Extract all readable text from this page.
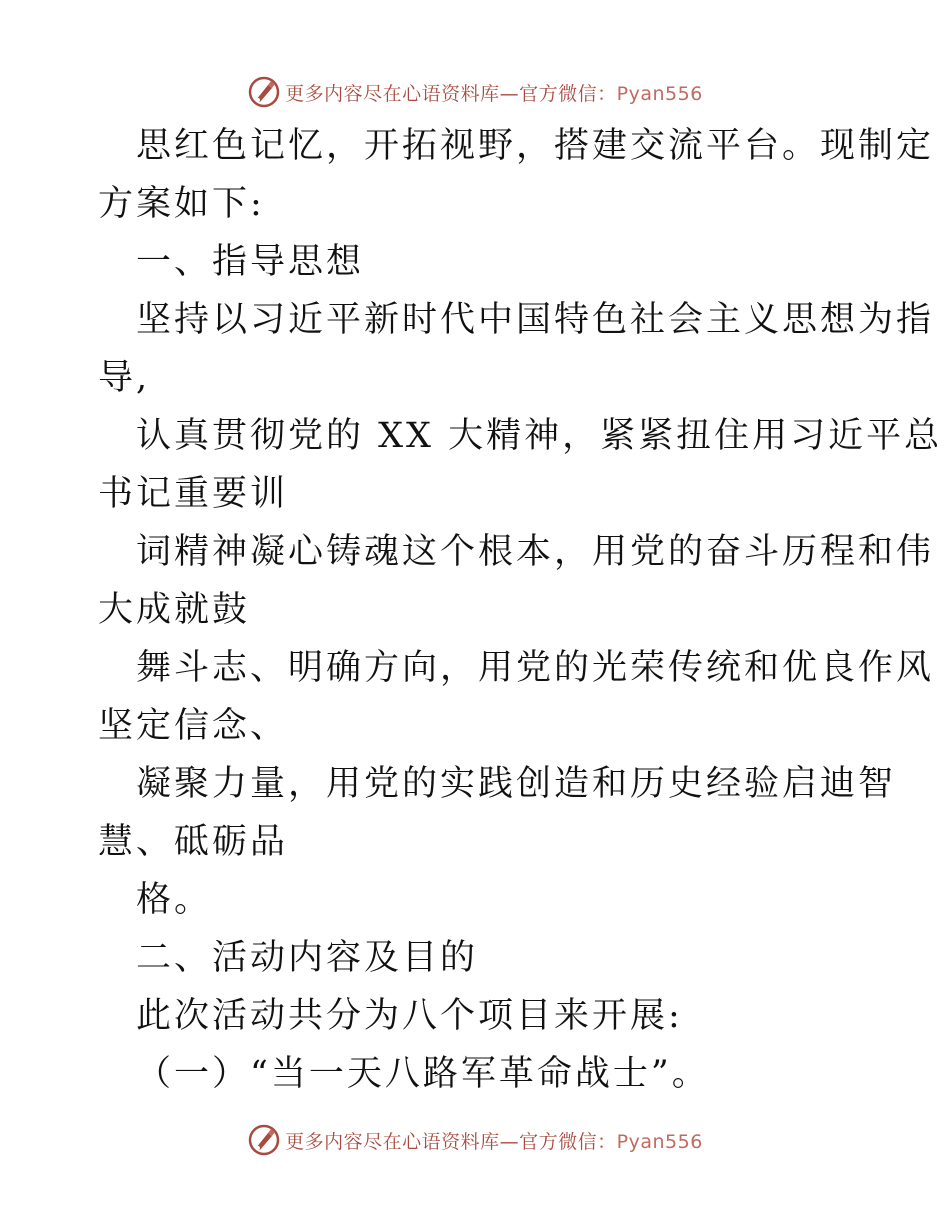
更多内容尽在心语资料库—官方微信：Pyan556
思红色记忆，开拓视野，搭建交流平台。现制定
方案如下:
一、指导思想
坚持以习近平新时代中国特色社会主义思想为指
导,
认真贯彻党的 XX 大精神，紧紧扭住用习近平总
书记重要训
词精神凝心铸魂这个根本，用党的奋斗历程和伟
大成就鼓
舞斗志、明确方向，用党的光荣传统和优良作风
坚定信念、
凝聚力量，用党的实践创造和历史经验启迪智
慧、砥砺品
格。
二、活动内容及目的
此次活动共分为八个项目来开展:
（一）“当一天八路军革命战士”。
更多内容尽在心语资料库—官方微信：Pyan556
